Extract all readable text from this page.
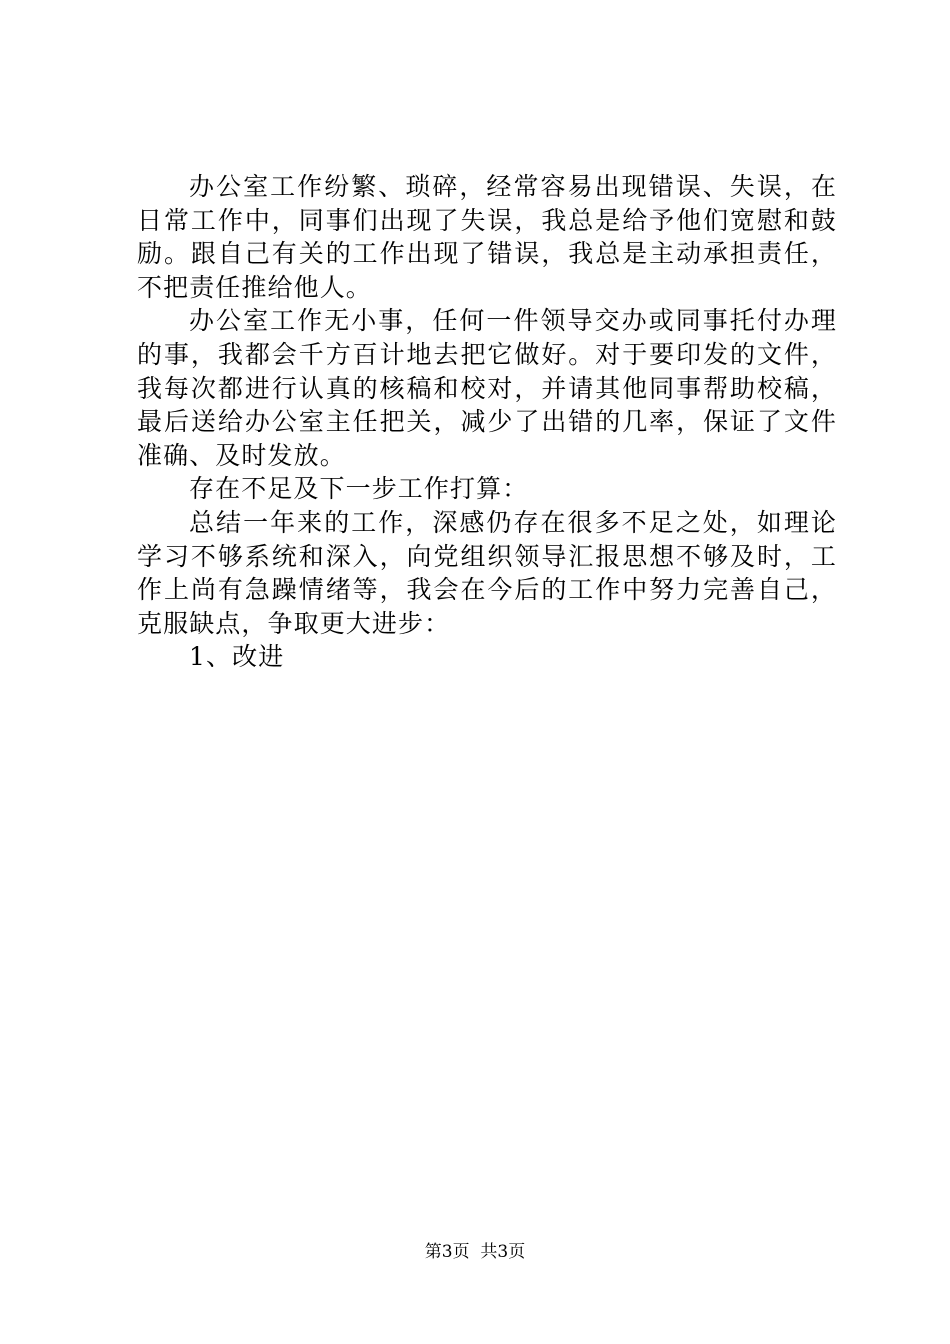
办公室工作纷繁、琐碎，经常容易出现错误、失误，在日常工作中，同事们出现了失误，我总是给予他们宽慰和鼓励。跟自己有关的工作出现了错误，我总是主动承担责任，不把责任推给他人。

办公室工作无小事，任何一件领导交办或同事托付办理的事，我都会千方百计地去把它做好。对于要印发的文件，我每次都进行认真的核稿和校对，并请其他同事帮助校稿，最后送给办公室主任把关，减少了出错的几率，保证了文件准确、及时发放。

存在不足及下一步工作打算：

总结一年来的工作，深感仍存在很多不足之处，如理论学习不够系统和深入，向党组织领导汇报思想不够及时，工作上尚有急躁情绪等，我会在今后的工作中努力完善自己，克服缺点，争取更大进步：

1、改进

第3页  共3页
